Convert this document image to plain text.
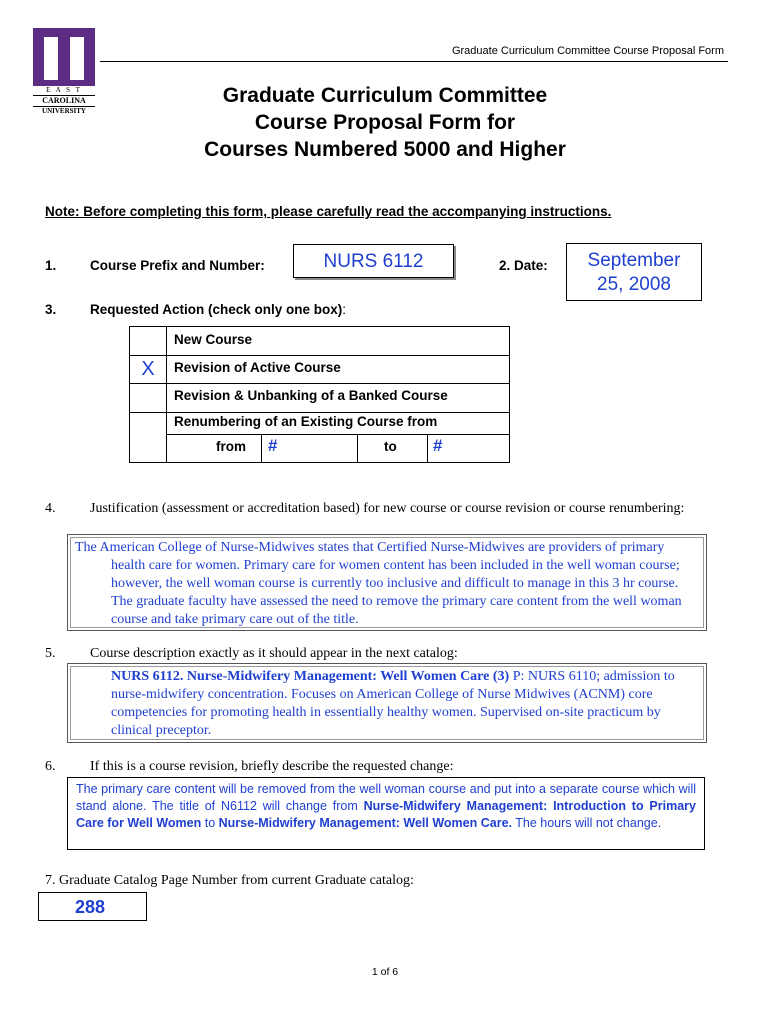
E A S T
CAROLINA
UNIVERSITY
Graduate Curriculum Committee Course Proposal Form
Graduate Curriculum Committee
Course Proposal Form for
Courses Numbered 5000 and Higher
Note: Before completing this form, please carefully read the accompanying instructions.
1. Course Prefix and Number:	NURS 6112	2. Date:	September
25, 2008
3. Requested Action (check only one box):
New Course
X	Revision of Active Course
Revision & Unbanking of a Banked Course
Renumbering of an Existing Course from
from #	to #
4.	Justification (assessment or accreditation based) for new course or course revision or course renumbering:
The American College of Nurse-Midwives states that Certified Nurse-Midwives are providers of primary health care for women. Primary care for women content has been included in the well woman course; however, the well woman course is currently too inclusive and difficult to manage in this 3 hr course. The graduate faculty have assessed the need to remove the primary care content from the well woman course and take primary care out of the title.
5.	Course description exactly as it should appear in the next catalog:
NURS 6112. Nurse-Midwifery Management: Well Women Care (3) P: NURS 6110; admission to nurse-midwifery concentration. Focuses on American College of Nurse Midwives (ACNM) core competencies for promoting health in essentially healthy women. Supervised on-site practicum by clinical preceptor.
6.	If this is a course revision, briefly describe the requested change:
The primary care content will be removed from the well woman course and put into a separate course which will stand alone. The title of N6112 will change from Nurse-Midwifery Management: Introduction to Primary Care for Well Women to Nurse-Midwifery Management: Well Women Care. The hours will not change.
7. Graduate Catalog Page Number from current Graduate catalog:
288
1 of 6
